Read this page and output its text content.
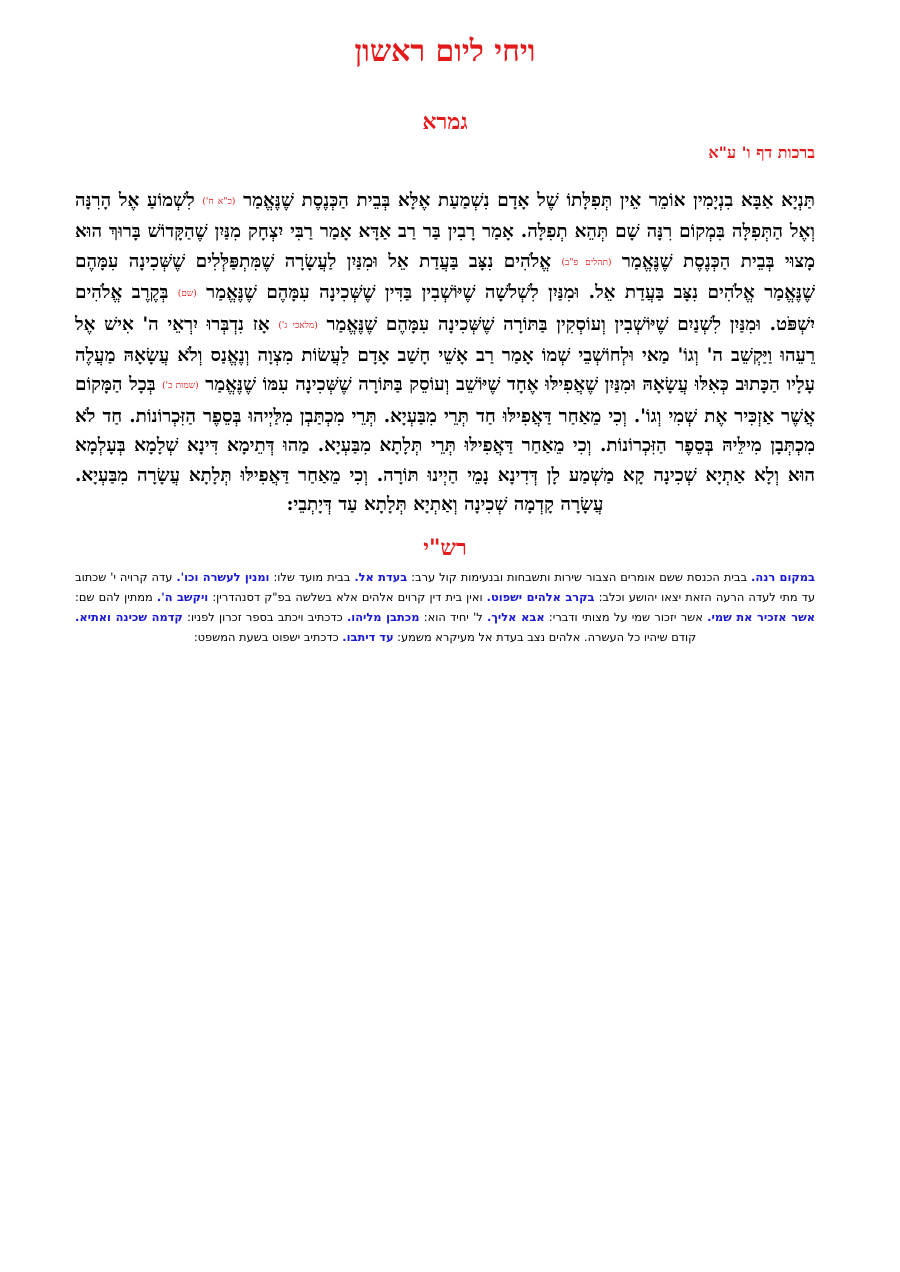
ויחי ליום ראשון
גמרא
ברכות דף ו' ע"א
תַּנְיָא אַבָּא בִנְיָמִין אוֹמֵר אֵין תְּפִלָּתוֹ שֶׁל אָדָם נִשְׁמַעַת אֶלָּא בְּבֵית הַכְּנֶסֶת שֶׁנֶּאֱמַר (כ"א ח') לִשְׁמוֹעַ אֶל הָרִנָּה וְאֶל הַתְּפִלָּה בִּמְקוֹם רִנָּה שָׁם תְּהֵא תְפִלָּה. אָמַר רָבִין בַּר רַב אַדָּא אָמַר רַבִּי יִצְחָק מִנַּיִן שֶׁהַקָּדוֹשׁ בָּרוּךְ הוּא מָצוּי בְּבֵית הַכְּנֶסֶת שֶׁנֶּאֱמַר (תהלים פ"ב) אֱלֹהִים נִצָּב בַּעֲדַת אֵל וּמִנַּיִן לַעֲשָׂרָה שֶׁמִּתְפַּלְּלִים שֶׁשְּׁכִינָה עִמָּהֶם שֶׁנֶּאֱמַר אֱלֹהִים נִצָּב בַּעֲדַת אֵל. וּמִנַּיִן לִשְׁלֹשָׁה שֶׁיּוֹשְׁבִין בַּדִּין שֶׁשְּׁכִינָה עִמָּהֶם שֶׁנֶּאֱמַר (שם) בְּקֶרֶב אֱלֹהִים יִשְׁפֹּט. וּמִנַּיִן לִשְׁנַיִם שֶׁיּוֹשְׁבִין וְעוֹסְקִין בַּתּוֹרָה שֶׁשְּׁכִינָה עִמָּהֶם שֶׁנֶּאֱמַר (מלאכי ג') אָז נִדְבְּרוּ יִרְאֵי ה' אִישׁ אֶל רֵעֵהוּ וַיַּקְשֵׁב ה' וְגוֹ' מַאי וּלְחוֹשְׁבֵי שְׁמוֹ אָמַר רַב אָשֵׁי חָשַׁב אָדָם לַעֲשׂוֹת מִצְוָה וְנֶאֱנַס וְלֹא עֲשָׂאָהּ מַעֲלֶה עָלָיו הַכָּתוּב כְּאִלּוּ עֲשָׂאָהּ וּמִנַּיִן שֶׁאֲפִילּוּ אֶחָד שֶׁיּוֹשֵׁב וְעוֹסֵק בַּתּוֹרָה שֶׁשְּׁכִינָה עִמּוֹ שֶׁנֶּאֱמַר (שמות כ') בְּכָל הַמָּקוֹם אֲשֶׁר אַזְכִּיר אֶת שְׁמִי וְגוֹ'. וְכִי מֵאַחַר דַּאֲפִילּוּ חַד תְּרֵי מִבַּעְיָא. תְּרֵי מִכְתַּבְן מִלַּיְיהוּ בְּסֵפֶר הַזִּכְרוֹנוֹת. חַד לֹא מִכְתְּבָן מִילֵּיהּ בְּסֵפֶר הַזִּכְרוֹנוֹת. וְכִי מֵאַחַר דַּאֲפִילּוּ תְּרֵי תְּלָתָא מִבַּעְיָא. מַהוּ דְּתֵימָא דִּינָא שְׁלָמָא בְּעָלְמָא הוּא וְלָא אַתְיָא שְׁכִינָה קָא מַשְׁמַע לָן דְּדִינָא נָמֵי הַיְינוּ תּוֹרָה. וְכִי מֵאַחַר דַּאֲפִילּוּ תְּלָתָא עֲשָׂרָה מִבַּעְיָא. עֲשָׂרָה קָדְמָה שְׁכִינָה וְאַתְיָא תְּלָתָא עַד דְּיָתְבֵי:
רש"י
במקום רנה. בבית הכנסת ששם אומרים הצבור שירות ותשבחות ובנעימות קול ערב: בעדת אל. בבית מועד שלו: ומנין לעשרה וכו'. עדה קרויה י' שכתוב עד מתי לעדה הרעה הזאת יצאו יהושע וכלב: בקרב אלהים ישפוט. ואין בית דין קרוים אלהים אלא בשלשה בפ"ק דסנהדרין: ויקשב ה'. ממתין להם שם: אשר אזכיר את שמי. אשר יזכור שמי על מצותי ודברי: אבא אליך. ל' יחיד הוא: מכתבן מליהו. כדכתיב ויכתב בספר זכרון לפניו: קדמה שכינה ואתיא. קודם שיהיו כל העשרה. אלהים נצב בעדת אל מעיקרא משמע: עד דיתבו. כדכתיב ישפוט בשעת המשפט:
